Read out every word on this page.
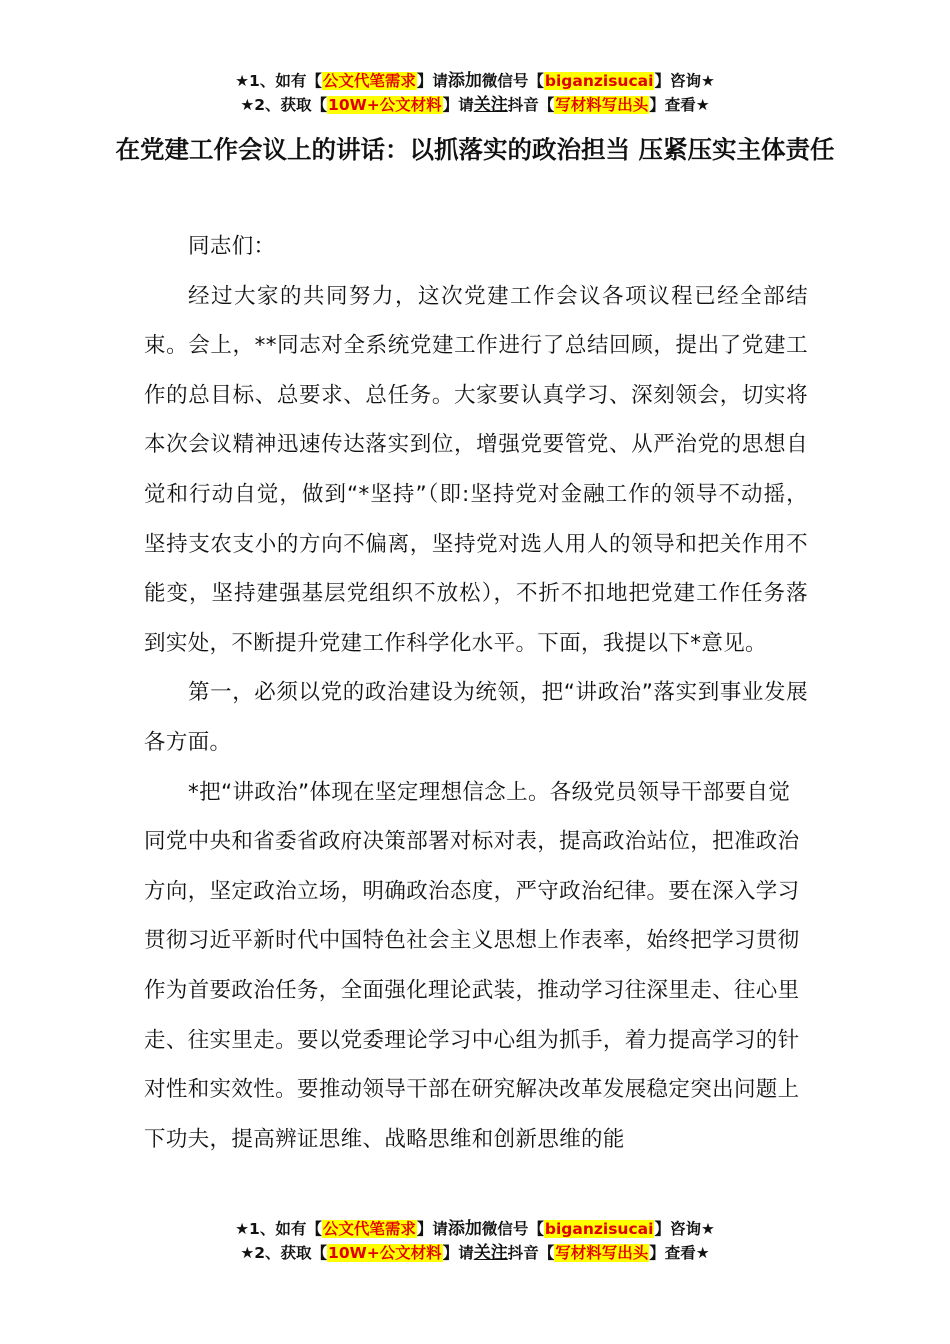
★1、如有【公文代笔需求】请添加微信号【biganzisucai】咨询★
★2、获取【10W+公文材料】请关注抖音【写材料写出头】查看★
在党建工作会议上的讲话：以抓落实的政治担当 压紧压实主体责任

同志们：

经过大家的共同努力，这次党建工作会议各项议程已经全部结束。会上，**同志对全系统党建工作进行了总结回顾，提出了党建工作的总目标、总要求、总任务。大家要认真学习、深刻领会，切实将本次会议精神迅速传达落实到位，增强党要管党、从严治党的思想自觉和行动自觉，做到“*坚持”（即:坚持党对金融工作的领导不动摇，坚持支农支小的方向不偏离，坚持党对选人用人的领导和把关作用不能变，坚持建强基层党组织不放松），不折不扣地把党建工作任务落到实处，不断提升党建工作科学化水平。下面，我提以下*意见。

第一，必须以党的政治建设为统领，把“讲政治”落实到事业发展各方面。

*把“讲政治”体现在坚定理想信念上。各级党员领导干部要自觉同党中央和省委省政府决策部署对标对表，提高政治站位，把准政治方向，坚定政治立场，明确政治态度，严守政治纪律。要在深入学习贯彻习近平新时代中国特色社会主义思想上作表率，始终把学习贯彻作为首要政治任务，全面强化理论武装，推动学习往深里走、往心里走、往实里走。要以党委理论学习中心组为抓手，着力提高学习的针对性和实效性。要推动领导干部在研究解决改革发展稳定突出问题上下功夫，提高辨证思维、战略思维和创新思维的能

★1、如有【公文代笔需求】请添加微信号【biganzisucai】咨询★
★2、获取【10W+公文材料】请关注抖音【写材料写出头】查看★
